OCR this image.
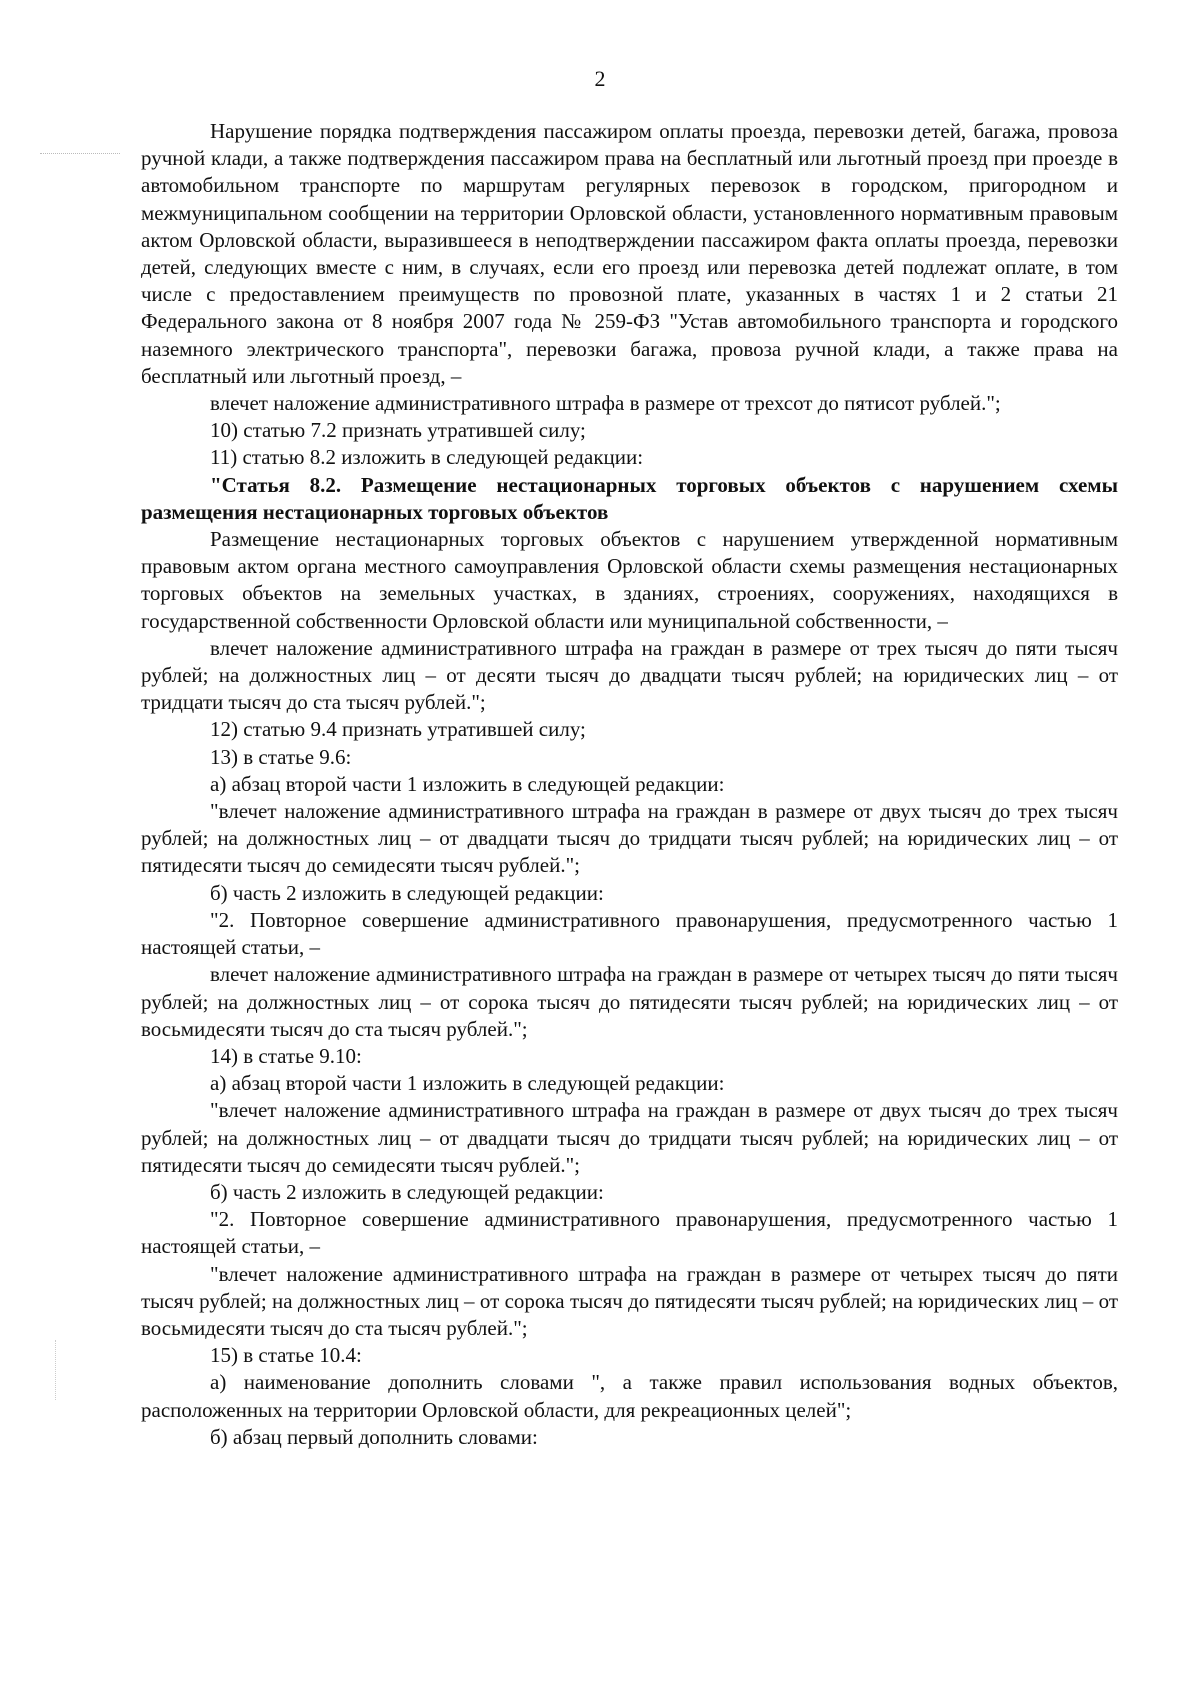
2

Нарушение порядка подтверждения пассажиром оплаты проезда, перевозки детей, багажа, провоза ручной клади, а также подтверждения пассажиром права на бесплатный или льготный проезд при проезде в автомобильном транспорте по маршрутам регулярных перевозок в городском, пригородном и межмуниципальном сообщении на территории Орловской области, установленного нормативным правовым актом Орловской области, выразившееся в неподтверждении пассажиром факта оплаты проезда, перевозки детей, следующих вместе с ним, в случаях, если его проезд или перевозка детей подлежат оплате, в том числе с предоставлением преимуществ по провозной плате, указанных в частях 1 и 2 статьи 21 Федерального закона от 8 ноября 2007 года № 259-ФЗ "Устав автомобильного транспорта и городского наземного электрического транспорта", перевозки багажа, провоза ручной клади, а также права на бесплатный или льготный проезд, –

влечет наложение административного штрафа в размере от трехсот до пятисот рублей.";

10) статью 7.2 признать утратившей силу;

11) статью 8.2 изложить в следующей редакции:

"Статья 8.2. Размещение нестационарных торговых объектов с нарушением схемы размещения нестационарных торговых объектов

Размещение нестационарных торговых объектов с нарушением утвержденной нормативным правовым актом органа местного самоуправления Орловской области схемы размещения нестационарных торговых объектов на земельных участках, в зданиях, строениях, сооружениях, находящихся в государственной собственности Орловской области или муниципальной собственности, –

влечет наложение административного штрафа на граждан в размере от трех тысяч до пяти тысяч рублей; на должностных лиц – от десяти тысяч до двадцати тысяч рублей; на юридических лиц – от тридцати тысяч до ста тысяч рублей.";

12) статью 9.4 признать утратившей силу;

13) в статье 9.6:

а) абзац второй части 1 изложить в следующей редакции:

"влечет наложение административного штрафа на граждан в размере от двух тысяч до трех тысяч рублей; на должностных лиц – от двадцати тысяч до тридцати тысяч рублей; на юридических лиц – от пятидесяти тысяч до семидесяти тысяч рублей.";

б) часть 2 изложить в следующей редакции:

"2. Повторное совершение административного правонарушения, предусмотренного частью 1 настоящей статьи, –

влечет наложение административного штрафа на граждан в размере от четырех тысяч до пяти тысяч рублей; на должностных лиц – от сорока тысяч до пятидесяти тысяч рублей; на юридических лиц – от восьмидесяти тысяч до ста тысяч рублей.";

14) в статье 9.10:

а) абзац второй части 1 изложить в следующей редакции:

"влечет наложение административного штрафа на граждан в размере от двух тысяч до трех тысяч рублей; на должностных лиц – от двадцати тысяч до тридцати тысяч рублей; на юридических лиц – от пятидесяти тысяч до семидесяти тысяч рублей.";

б) часть 2 изложить в следующей редакции:

"2. Повторное совершение административного правонарушения, предусмотренного частью 1 настоящей статьи, –

"влечет наложение административного штрафа на граждан в размере от четырех тысяч до пяти тысяч рублей; на должностных лиц – от сорока тысяч до пятидесяти тысяч рублей; на юридических лиц – от восьмидесяти тысяч до ста тысяч рублей.";

15) в статье 10.4:

а) наименование дополнить словами ", а также правил использования водных объектов, расположенных на территории Орловской области, для рекреационных целей";

б) абзац первый дополнить словами:
